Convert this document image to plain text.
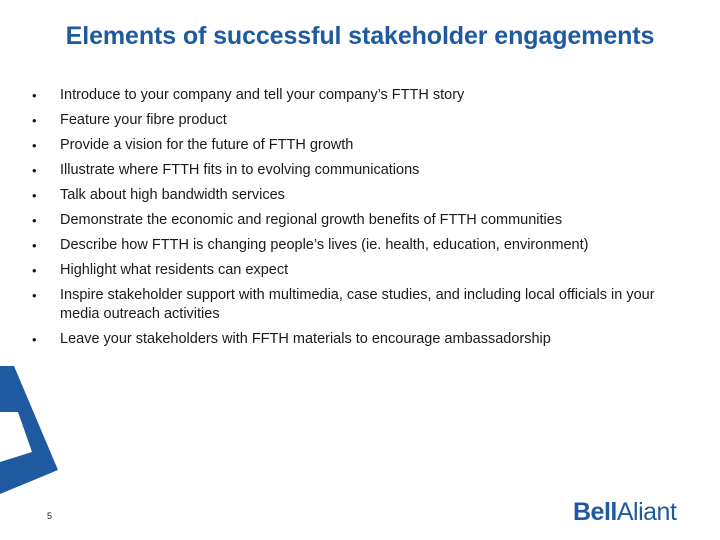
Elements of successful stakeholder engagements
•	Introduce to your company and tell your company’s FTTH story
•	Feature your fibre product
•	Provide a vision for the future of FTTH growth
•	Illustrate where FTTH fits in to evolving communications
•	Talk about high bandwidth services
•	Demonstrate the economic and regional growth benefits of FTTH communities
•	Describe how FTTH is changing people’s lives (ie. health, education, environment)
•	Highlight what residents can expect
•	Inspire stakeholder support with multimedia, case studies, and including local officials in your media outreach activities
•	Leave your stakeholders with FFTH materials to encourage ambassadorship
5	BellAliant
